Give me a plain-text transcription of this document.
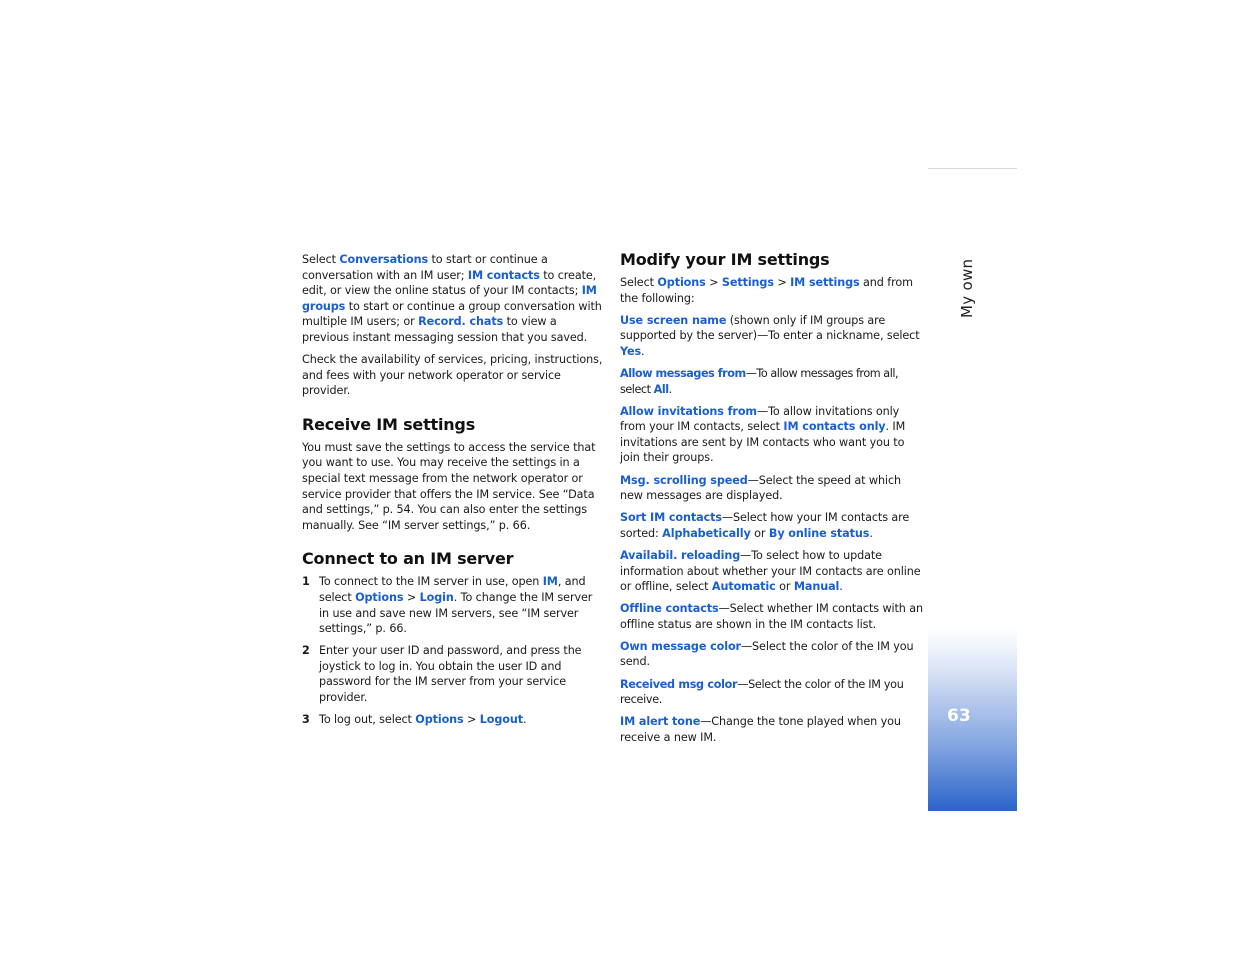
My own
63

Select Conversations to start or continue a conversation with an IM user; IM contacts to create, edit, or view the online status of your IM contacts; IM groups to start or continue a group conversation with multiple IM users; or Record. chats to view a previous instant messaging session that you saved.

Check the availability of services, pricing, instructions, and fees with your network operator or service provider.

Receive IM settings

You must save the settings to access the service that you want to use. You may receive the settings in a special text message from the network operator or service provider that offers the IM service. See “Data and settings,” p. 54. You can also enter the settings manually. See “IM server settings,” p. 66.

Connect to an IM server
1 To connect to the IM server in use, open IM, and select Options > Login. To change the IM server in use and save new IM servers, see “IM server settings,” p. 66.
2 Enter your user ID and password, and press the joystick to log in. You obtain the user ID and password for the IM server from your service provider.
3 To log out, select Options > Logout.
Modify your IM settings

Select Options > Settings > IM settings and from the following:

Use screen name (shown only if IM groups are supported by the server)—To enter a nickname, select Yes.

Allow messages from—To allow messages from all, select All.

Allow invitations from—To allow invitations only from your IM contacts, select IM contacts only. IM invitations are sent by IM contacts who want you to join their groups.

Msg. scrolling speed—Select the speed at which new messages are displayed.

Sort IM contacts—Select how your IM contacts are sorted: Alphabetically or By online status.

Availabil. reloading—To select how to update information about whether your IM contacts are online or offline, select Automatic or Manual.

Offline contacts—Select whether IM contacts with an offline status are shown in the IM contacts list.

Own message color—Select the color of the IM you send.

Received msg color—Select the color of the IM you receive.

IM alert tone—Change the tone played when you receive a new IM.
